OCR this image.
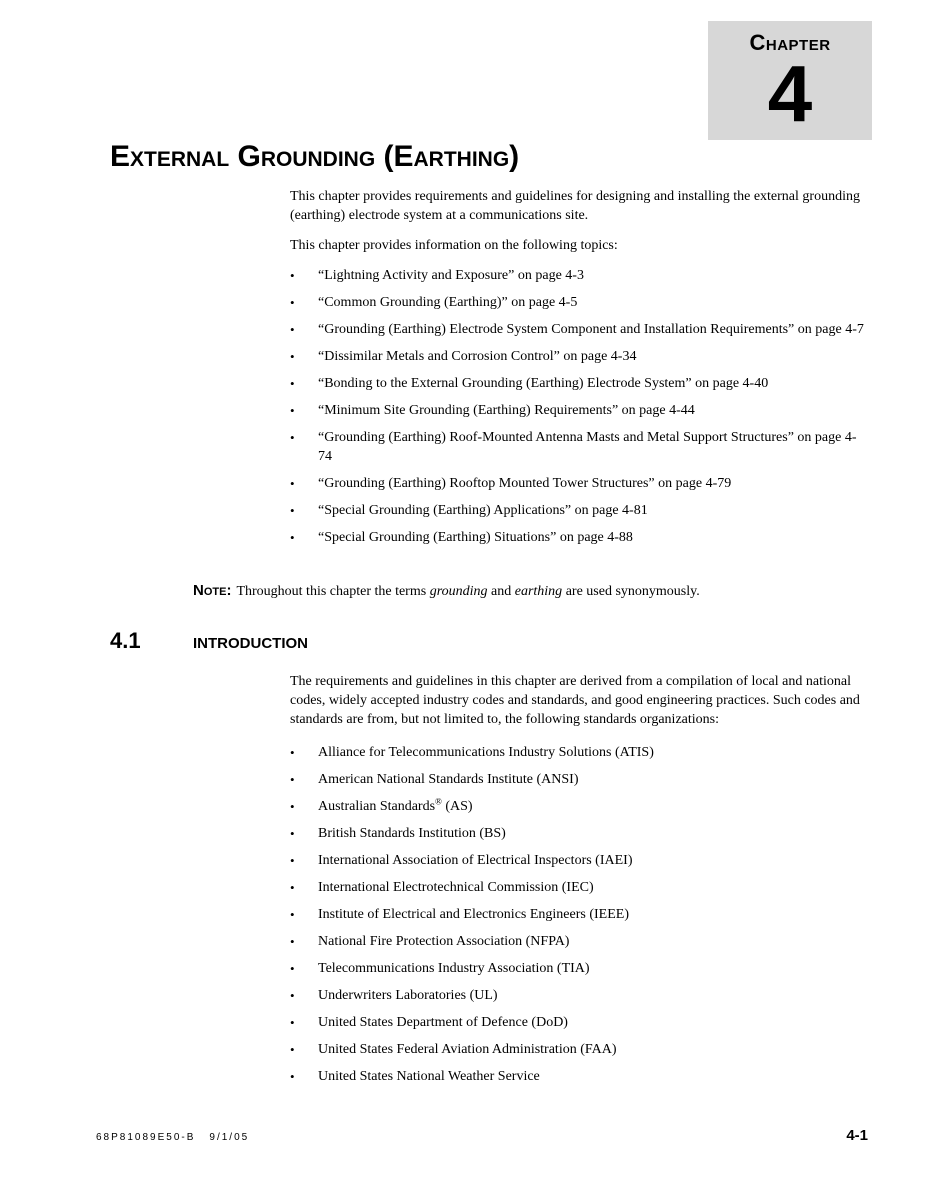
Chapter
4
External Grounding (Earthing)

This chapter provides requirements and guidelines for designing and installing the external grounding (earthing) electrode system at a communications site.

This chapter provides information on the following topics:

•	“Lightning Activity and Exposure” on page 4-3
•	“Common Grounding (Earthing)” on page 4-5
•	“Grounding (Earthing) Electrode System Component and Installation Requirements” on page 4-7
•	“Dissimilar Metals and Corrosion Control” on page 4-34
•	“Bonding to the External Grounding (Earthing) Electrode System” on page 4-40
•	“Minimum Site Grounding (Earthing) Requirements” on page 4-44
•	“Grounding (Earthing) Roof-Mounted Antenna Masts and Metal Support Structures” on page 4-74
•	“Grounding (Earthing) Rooftop Mounted Tower Structures” on page 4-79
•	“Special Grounding (Earthing) Applications” on page 4-81
•	“Special Grounding (Earthing) Situations” on page 4-88
Note: Throughout this chapter the terms grounding and earthing are used synonymously.
4.1 introduction

The requirements and guidelines in this chapter are derived from a compilation of local and national codes, widely accepted industry codes and standards, and good engineering practices. Such codes and standards are from, but not limited to, the following standards organizations:

•	Alliance for Telecommunications Industry Solutions (ATIS)
•	American National Standards Institute (ANSI)
•	Australian Standards® (AS)
•	British Standards Institution (BS)
•	International Association of Electrical Inspectors (IAEI)
•	International Electrotechnical Commission (IEC)
•	Institute of Electrical and Electronics Engineers (IEEE)
•	National Fire Protection Association (NFPA)
•	Telecommunications Industry Association (TIA)
•	Underwriters Laboratories (UL)
•	United States Department of Defence (DoD)
•	United States Federal Aviation Administration (FAA)
•	United States National Weather Service
68P81089E50-B 9/1/05	4-1
